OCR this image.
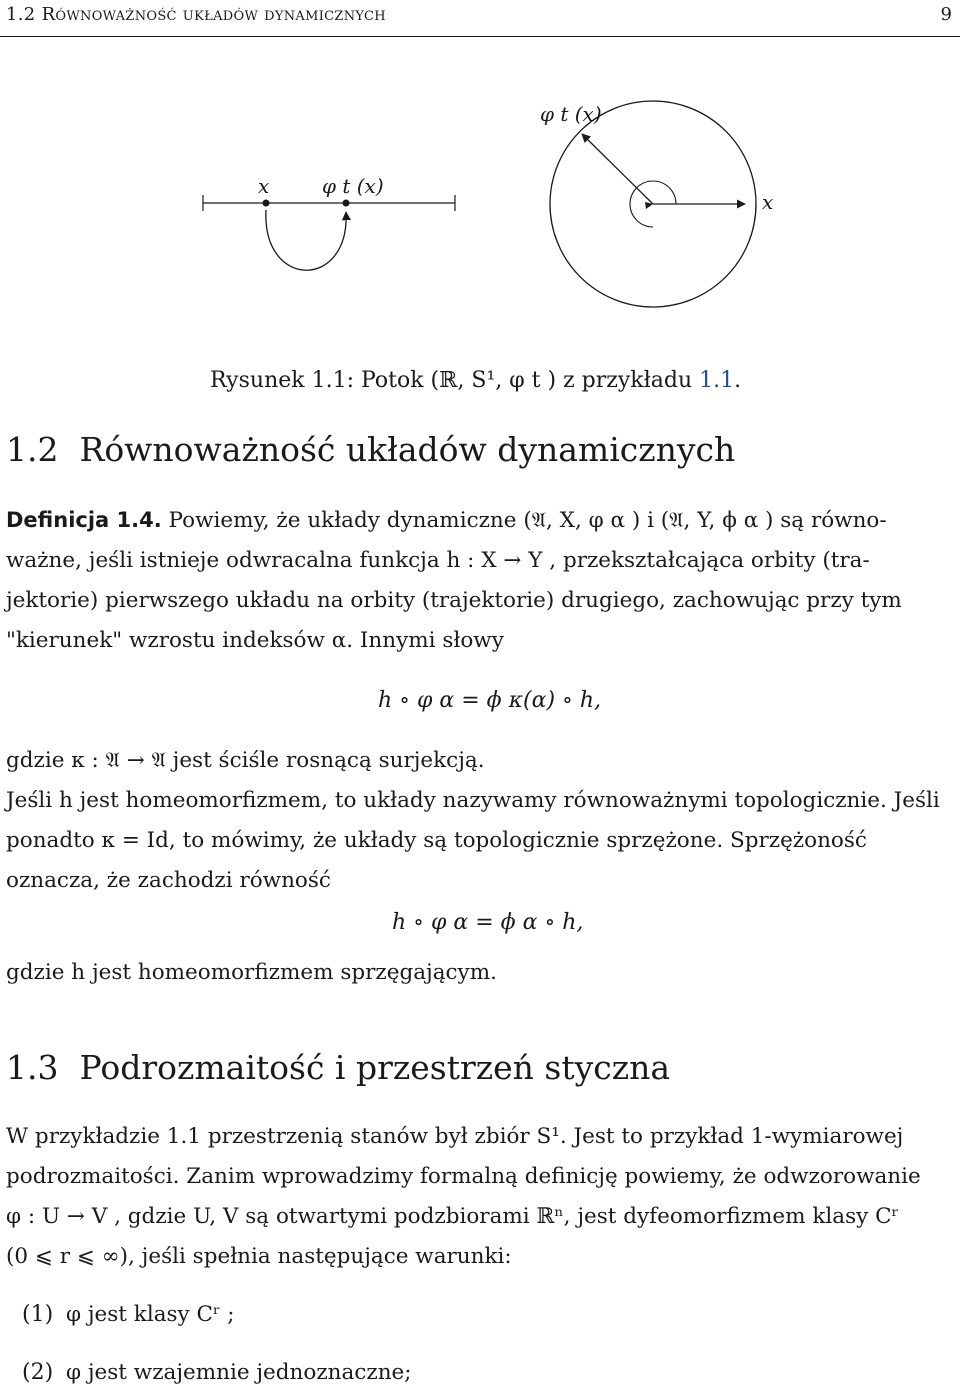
1.2 Równoważność układów dynamicznych	9
x	φ t (x)
φ t (x)
x
Rysunek 1.1: Potok (ℝ, S¹, φ t ) z przykładu 1.1.
1.2 Równoważność układów dynamicznych
Definicja 1.4. Powiemy, że układy dynamiczne (𝔄, X, φ α ) i (𝔄, Y, ϕ α ) są równo-
ważne, jeśli istnieje odwracalna funkcja h : X → Y , przekształcająca orbity (tra-
jektorie) pierwszego układu na orbity (trajektorie) drugiego, zachowując przy tym
"kierunek" wzrostu indeksów α. Innymi słowy
h ∘ φ α = ϕ κ(α) ∘ h,
gdzie κ : 𝔄 → 𝔄 jest ściśle rosnącą surjekcją.
Jeśli h jest homeomorfizmem, to układy nazywamy równoważnymi topologicznie. Jeśli
ponadto κ = Id, to mówimy, że układy są topologicznie sprzężone. Sprzężoność
oznacza, że zachodzi równość
h ∘ φ α = ϕ α ∘ h,
gdzie h jest homeomorfizmem sprzęgającym.
1.3 Podrozmaitość i przestrzeń styczna
W przykładzie 1.1 przestrzenią stanów był zbiór S¹. Jest to przykład 1-wymiarowej
podrozmaitości. Zanim wprowadzimy formalną definicję powiemy, że odwzorowanie
φ : U → V , gdzie U, V są otwartymi podzbiorami ℝⁿ, jest dyfeomorfizmem klasy Cʳ
(0 ⩽ r ⩽ ∞), jeśli spełnia następujące warunki:
(1) φ jest klasy Cʳ ;
(2) φ jest wzajemnie jednoznaczne;
